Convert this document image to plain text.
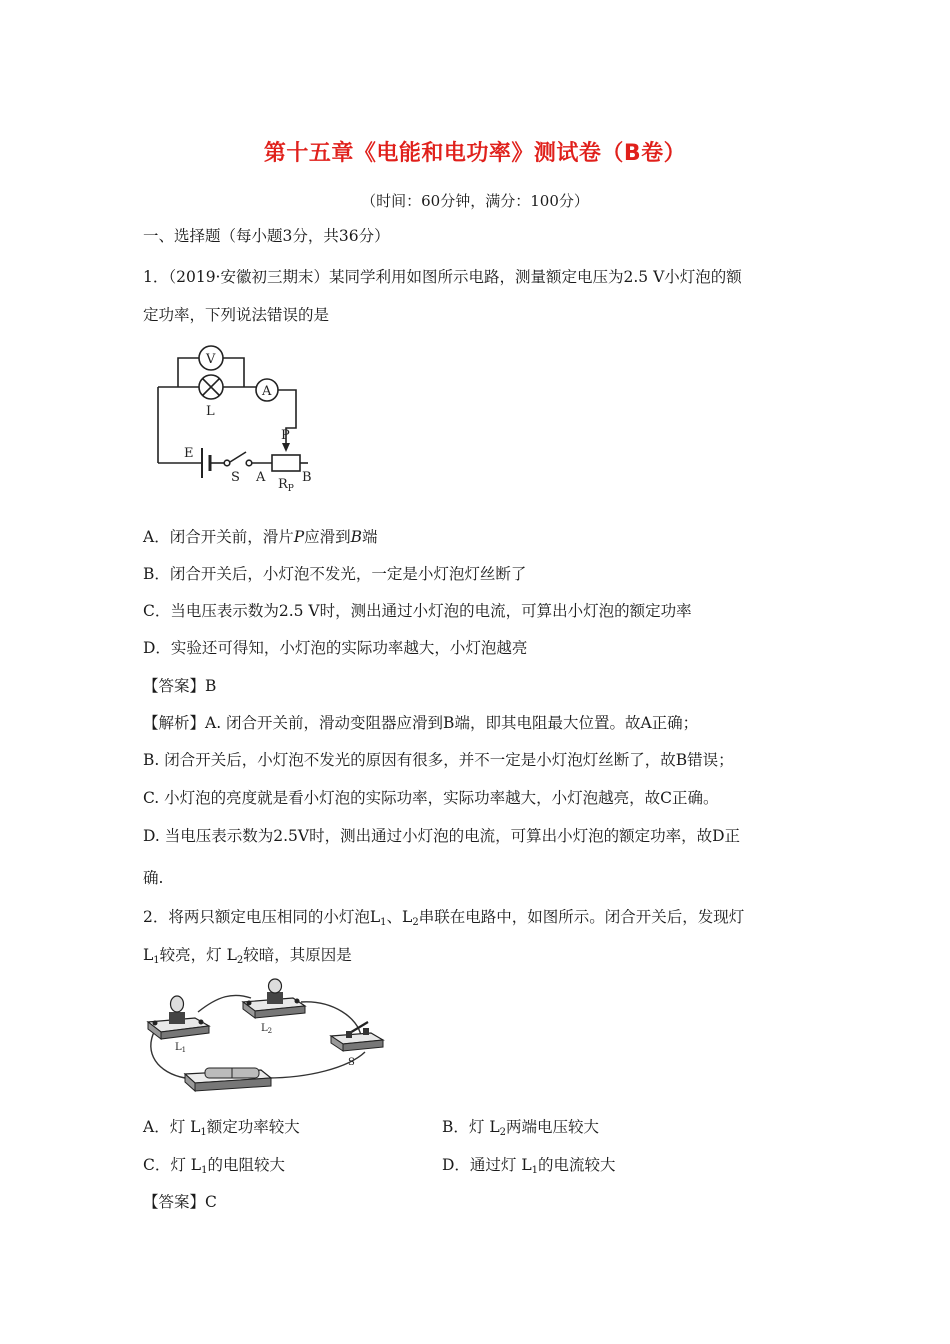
第十五章《电能和电功率》测试卷（B卷）
（时间：60分钟，满分：100分）
一、选择题（每小题3分，共36分）
1．（2019·安徽初三期末）某同学利用如图所示电路，测量额定电压为2.5 V小灯泡的额
定功率，下列说法错误的是
V
A
L
E
S
P
A	B
$R_P$
A．闭合开关前，滑片P应滑到B端
B．闭合开关后，小灯泡不发光，一定是小灯泡灯丝断了
C．当电压表示数为2.5 V时，测出通过小灯泡的电流，可算出小灯泡的额定功率
D．实验还可得知，小灯泡的实际功率越大，小灯泡越亮
【答案】B
【解析】A. 闭合开关前，滑动变阻器应滑到B端，即其电阻最大位置。故A正确；
B. 闭合开关后，小灯泡不发光的原因有很多，并不一定是小灯泡灯丝断了，故B错误；
C. 小灯泡的亮度就是看小灯泡的实际功率，实际功率越大，小灯泡越亮，故C正确。
D. 当电压表示数为2.5V时，测出通过小灯泡的电流，可算出小灯泡的额定功率，故D正
确.
2．将两只额定电压相同的小灯泡$L_1$、$L_2$串联在电路中，如图所示。闭合开关后，发现灯
$L_1$较亮，灯 $L_2$较暗，其原因是
$L_1$
$L_2$
S
A．灯 $L_1$额定功率较大	B．灯 $L_2$两端电压较大
C．灯 $L_1$的电阻较大	D．通过灯 $L_1$的电流较大
【答案】C
